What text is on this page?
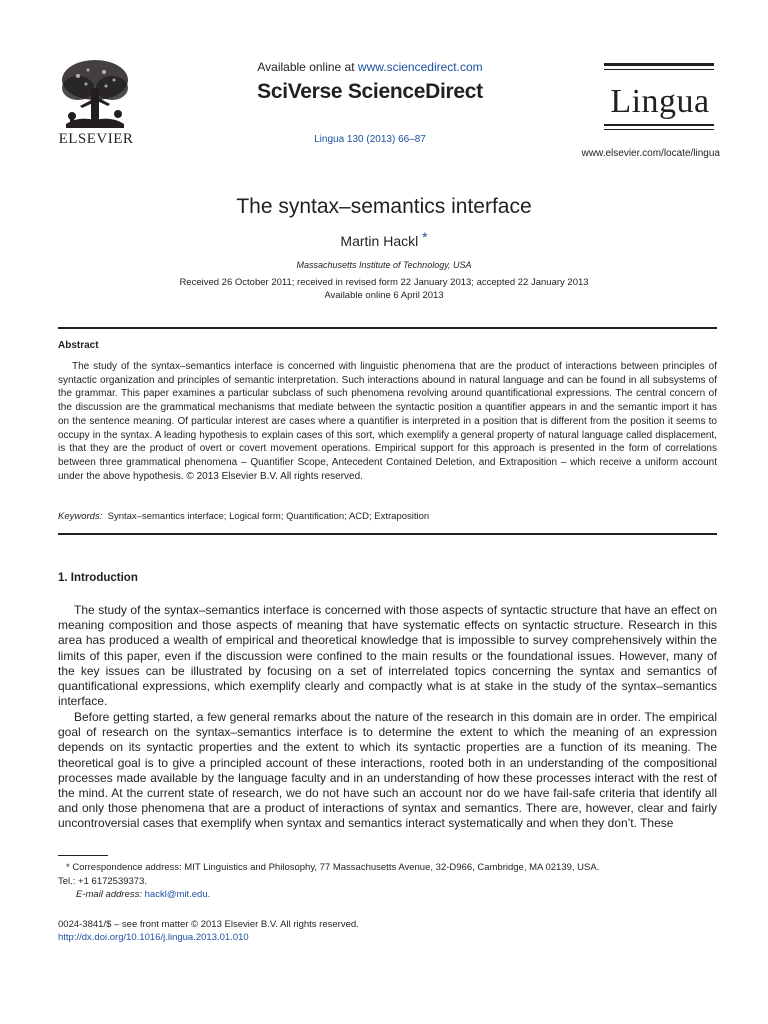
ELSEVIER
Available online at www.sciencedirect.com
SciVerse ScienceDirect
Lingua 130 (2013) 66–87
Lingua
www.elsevier.com/locate/lingua
The syntax–semantics interface
Martin Hackl *
Massachusetts Institute of Technology, USA
Received 26 October 2011; received in revised form 22 January 2013; accepted 22 January 2013
Available online 6 April 2013
Abstract

The study of the syntax–semantics interface is concerned with linguistic phenomena that are the product of interactions between principles of syntactic organization and principles of semantic interpretation. Such interactions abound in natural language and can be found in all subsystems of the grammar. This paper examines a particular subclass of such phenomena revolving around quantificational expressions. The central concern of the discussion are the grammatical mechanisms that mediate between the syntactic position a quantifier appears in and the semantic import it has on the sentence meaning. Of particular interest are cases where a quantifier is interpreted in a position that is different from the position it seems to occupy in the syntax. A leading hypothesis to explain cases of this sort, which exemplify a general property of natural language called displacement, is that they are the product of overt or covert movement operations. Empirical support for this approach is presented in the form of correlations between three grammatical phenomena – Quantifier Scope, Antecedent Contained Deletion, and Extraposition – which receive a uniform account under the above hypothesis. © 2013 Elsevier B.V. All rights reserved.

Keywords: Syntax–semantics interface; Logical form; Quantification; ACD; Extraposition
1. Introduction

The study of the syntax–semantics interface is concerned with those aspects of syntactic structure that have an effect on meaning composition and those aspects of meaning that have systematic effects on syntactic structure. Research in this area has produced a wealth of empirical and theoretical knowledge that is impossible to survey comprehensively within the limits of this paper, even if the discussion were confined to the main results or the foundational issues. However, many of the key issues can be illustrated by focusing on a set of interrelated topics concerning the syntax and semantics of quantificational expressions, which exemplify clearly and compactly what is at stake in the study of the syntax–semantics interface.

Before getting started, a few general remarks about the nature of the research in this domain are in order. The empirical goal of research on the syntax–semantics interface is to determine the extent to which the meaning of an expression depends on its syntactic properties and the extent to which its syntactic properties are a function of its meaning. The theoretical goal is to give a principled account of these interactions, rooted both in an understanding of the compositional processes made available by the language faculty and in an understanding of how these processes interact with the rest of the mind. At the current state of research, we do not have such an account nor do we have fail-safe criteria that identify all and only those phenomena that are a product of interactions of syntax and semantics. There are, however, clear and fairly uncontroversial cases that exemplify when syntax and semantics interact systematically and when they don’t. These

* Correspondence address: MIT Linguistics and Philosophy, 77 Massachusetts Avenue, 32-D966, Cambridge, MA 02139, USA.
Tel.: +1 6172539373.
E-mail address: hackl@mit.edu.
0024-3841/$ – see front matter © 2013 Elsevier B.V. All rights reserved.
http://dx.doi.org/10.1016/j.lingua.2013.01.010
